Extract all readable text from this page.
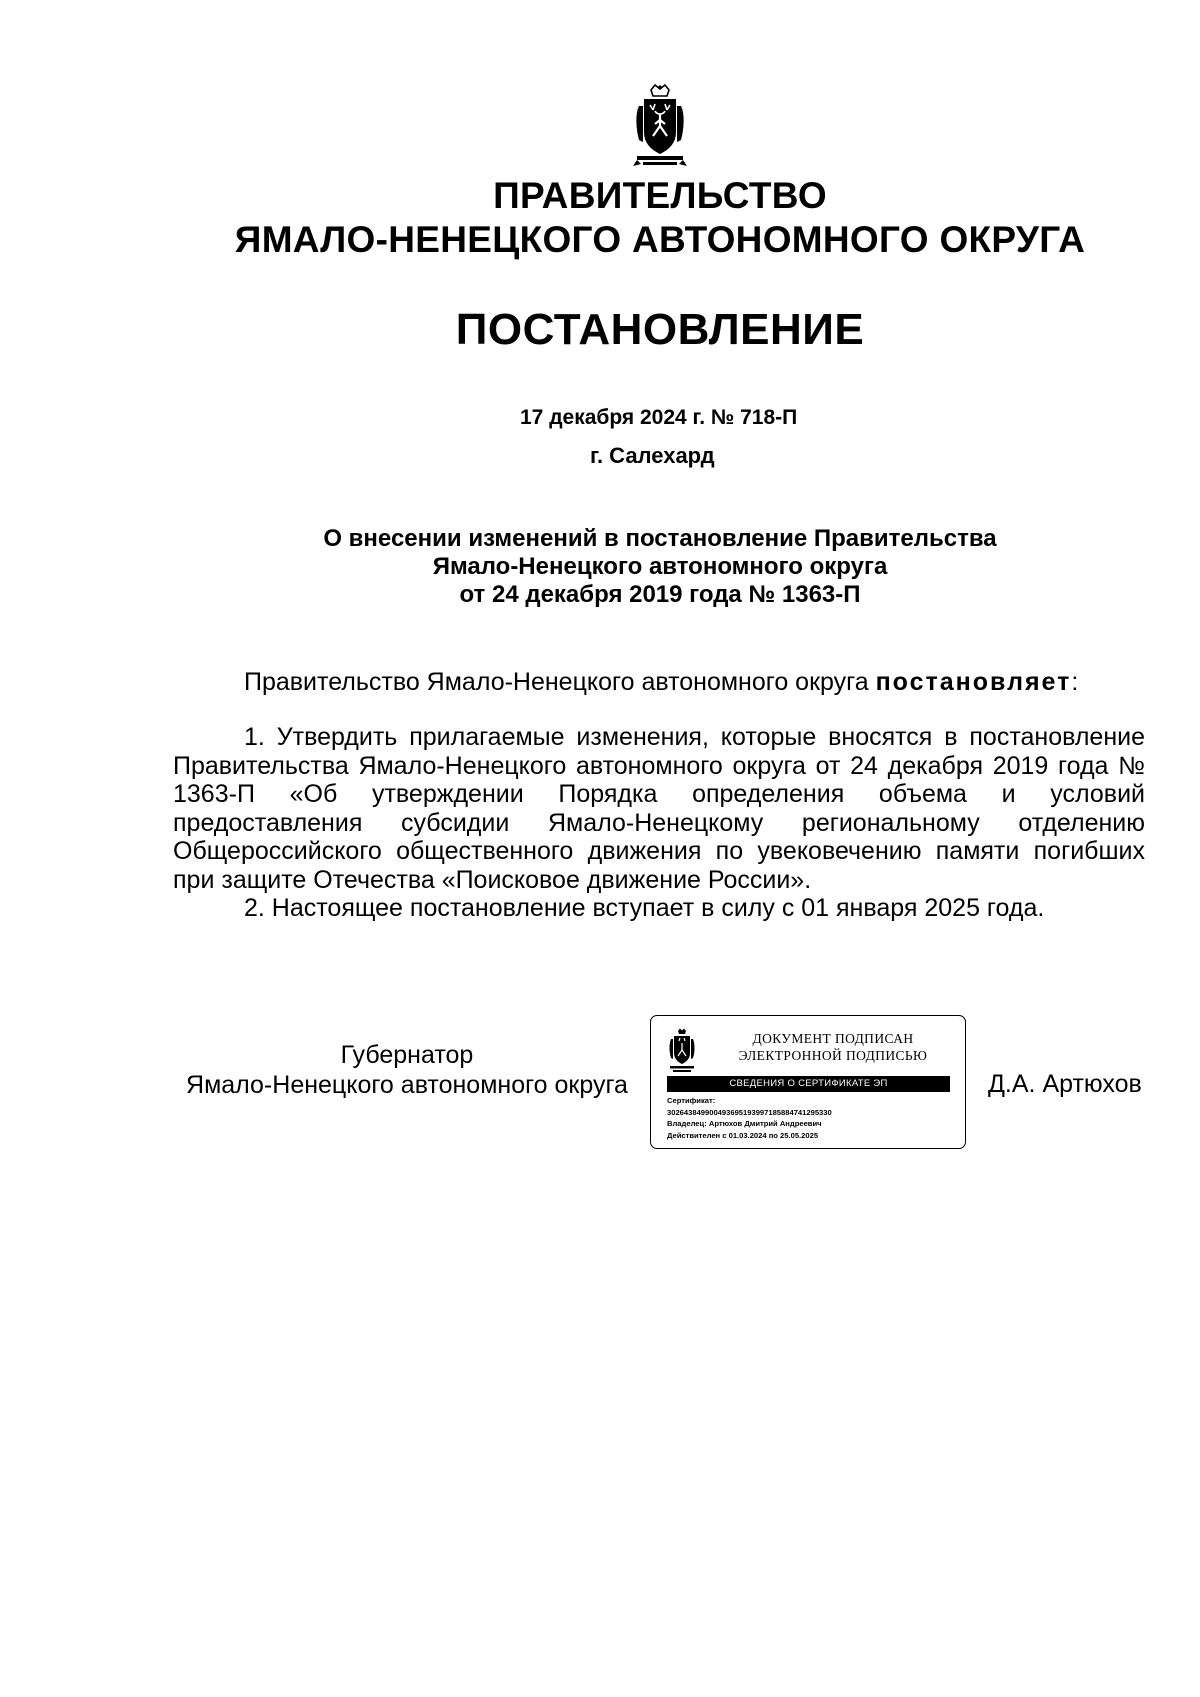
ПРАВИТЕЛЬСТВО
ЯМАЛО-НЕНЕЦКОГО АВТОНОМНОГО ОКРУГА
ПОСТАНОВЛЕНИЕ
17 декабря 2024 г. № 718-П
г. Салехард
О внесении изменений в постановление Правительства
Ямало-Ненецкого автономного округа
от 24 декабря 2019 года № 1363-П
Правительство Ямало-Ненецкого автономного округа постановляет:

1. Утвердить прилагаемые изменения, которые вносятся в постановление Правительства Ямало-Ненецкого автономного округа от 24 декабря 2019 года № 1363-П «Об утверждении Порядка определения объема и условий предоставления субсидии Ямало-Ненецкому региональному отделению Общероссийского общественного движения по увековечению памяти погибших при защите Отечества «Поисковое движение России».

2. Настоящее постановление вступает в силу с 01 января 2025 года.

Губернатор
Ямало-Ненецкого автономного округа
ДОКУМЕНТ ПОДПИСАН
ЭЛЕКТРОННОЙ ПОДПИСЬЮ
СВЕДЕНИЯ О СЕРТИФИКАТЕ ЭП
Сертификат:
302643849900493695193997185884741295330
Владелец: Артюхов Дмитрий Андреевич
Действителен с 01.03.2024 по 25.05.2025
Д.А. Артюхов
